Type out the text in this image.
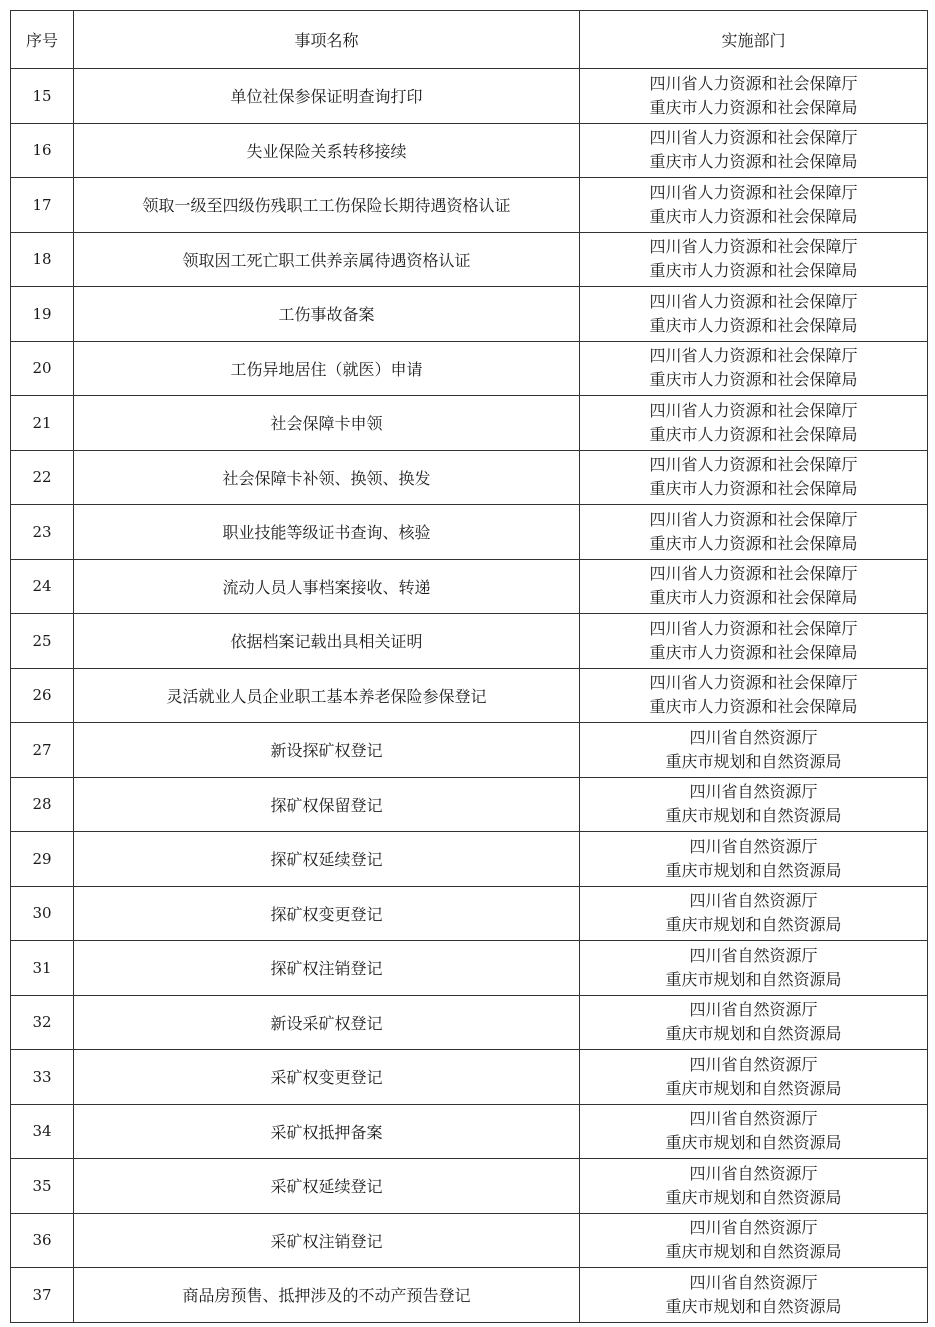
序号	事项名称	实施部门
15	单位社保参保证明查询打印	四川省人力资源和社会保障厅
重庆市人力资源和社会保障局

16	失业保险关系转移接续	四川省人力资源和社会保障厅
重庆市人力资源和社会保障局

17	领取一级至四级伤残职工工伤保险长期待遇资格认证	四川省人力资源和社会保障厅
重庆市人力资源和社会保障局

18	领取因工死亡职工供养亲属待遇资格认证	四川省人力资源和社会保障厅
重庆市人力资源和社会保障局

19	工伤事故备案	四川省人力资源和社会保障厅
重庆市人力资源和社会保障局

20	工伤异地居住（就医）申请	四川省人力资源和社会保障厅
重庆市人力资源和社会保障局

21	社会保障卡申领	四川省人力资源和社会保障厅
重庆市人力资源和社会保障局

22	社会保障卡补领、换领、换发	四川省人力资源和社会保障厅
重庆市人力资源和社会保障局

23	职业技能等级证书查询、核验	四川省人力资源和社会保障厅
重庆市人力资源和社会保障局

24	流动人员人事档案接收、转递	四川省人力资源和社会保障厅
重庆市人力资源和社会保障局

25	依据档案记载出具相关证明	四川省人力资源和社会保障厅
重庆市人力资源和社会保障局

26	灵活就业人员企业职工基本养老保险参保登记	四川省人力资源和社会保障厅
重庆市人力资源和社会保障局

27	新设探矿权登记	四川省自然资源厅
重庆市规划和自然资源局

28	探矿权保留登记	四川省自然资源厅
重庆市规划和自然资源局

29	探矿权延续登记	四川省自然资源厅
重庆市规划和自然资源局

30	探矿权变更登记	四川省自然资源厅
重庆市规划和自然资源局

31	探矿权注销登记	四川省自然资源厅
重庆市规划和自然资源局

32	新设采矿权登记	四川省自然资源厅
重庆市规划和自然资源局

33	采矿权变更登记	四川省自然资源厅
重庆市规划和自然资源局

34	采矿权抵押备案	四川省自然资源厅
重庆市规划和自然资源局

35	采矿权延续登记	四川省自然资源厅
重庆市规划和自然资源局

36	采矿权注销登记	四川省自然资源厅
重庆市规划和自然资源局

37	商品房预售、抵押涉及的不动产预告登记	四川省自然资源厅
重庆市规划和自然资源局
